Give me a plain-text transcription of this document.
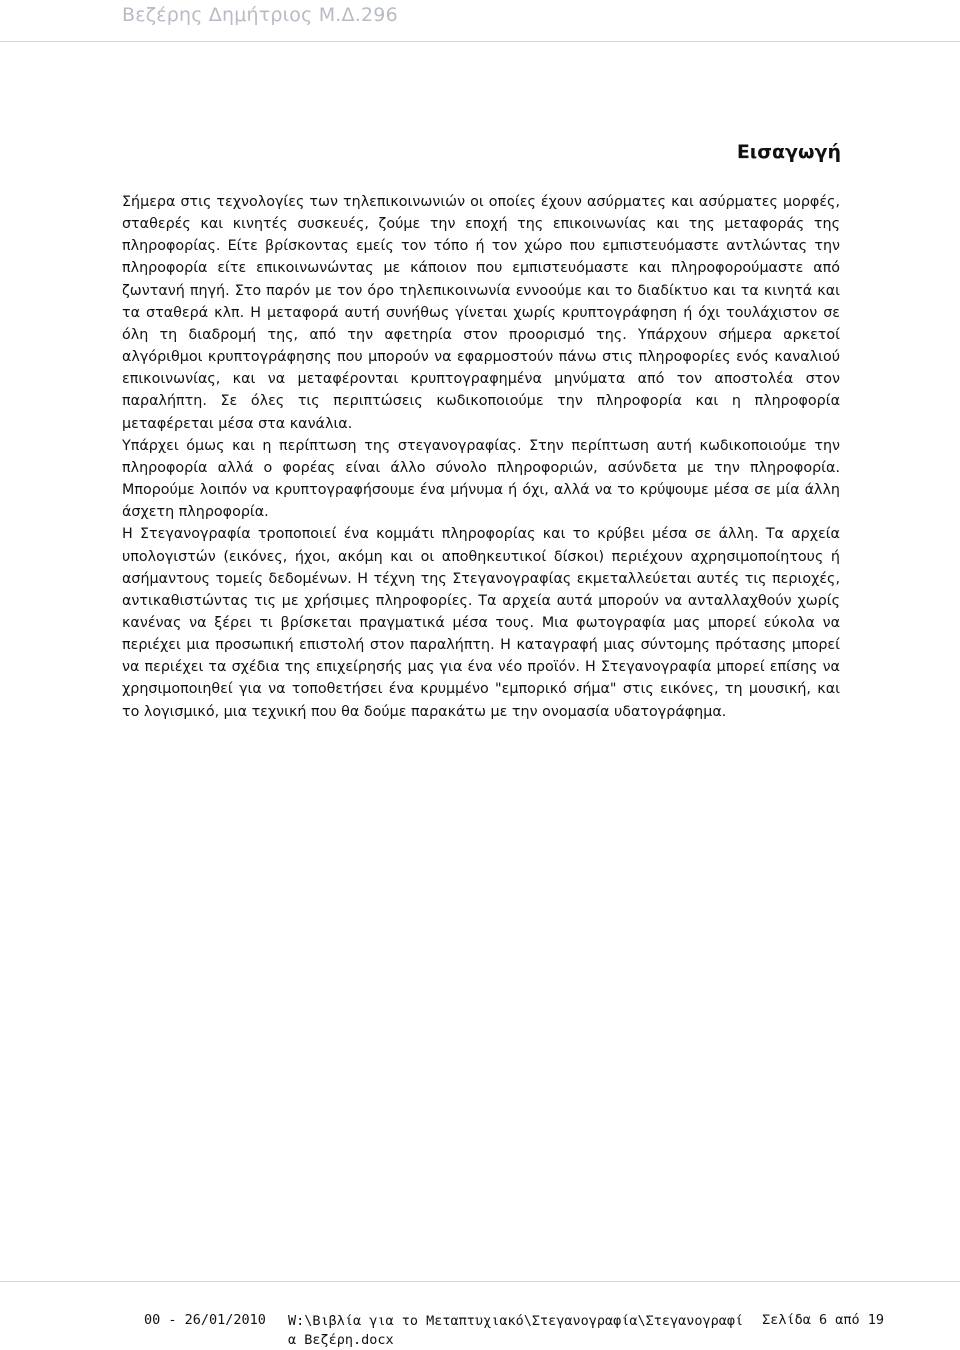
Βεζέρης Δημήτριος Μ.Δ.296
Εισαγωγή

Σήμερα στις τεχνολογίες των τηλεπικοινωνιών οι οποίες έχουν ασύρματες και ασύρματες μορφές, σταθερές και κινητές συσκευές, ζούμε την εποχή της επικοινωνίας και της μεταφοράς της πληροφορίας. Είτε βρίσκοντας εμείς τον τόπο ή τον χώρο που εμπιστευόμαστε αντλώντας την πληροφορία είτε επικοινωνώντας με κάποιον που εμπιστευόμαστε και πληροφορούμαστε από ζωντανή πηγή. Στο παρόν με τον όρο τηλεπικοινωνία εννοούμε και το διαδίκτυο και τα κινητά και τα σταθερά κλπ. Η μεταφορά αυτή συνήθως γίνεται χωρίς κρυπτογράφηση ή όχι τουλάχιστον σε όλη τη διαδρομή της, από την αφετηρία στον προορισμό της. Υπάρχουν σήμερα αρκετοί αλγόριθμοι κρυπτογράφησης που μπορούν να εφαρμοστούν πάνω στις πληροφορίες ενός καναλιού επικοινωνίας, και να μεταφέρονται κρυπτογραφημένα μηνύματα από τον αποστολέα στον παραλήπτη. Σε όλες τις περιπτώσεις κωδικοποιούμε την πληροφορία και η πληροφορία μεταφέρεται μέσα στα κανάλια.

Υπάρχει όμως και η περίπτωση της στεγανογραφίας. Στην περίπτωση αυτή κωδικοποιούμε την πληροφορία αλλά ο φορέας είναι άλλο σύνολο πληροφοριών, ασύνδετα με την πληροφορία. Μπορούμε λοιπόν να κρυπτογραφήσουμε ένα μήνυμα ή όχι, αλλά να το κρύψουμε μέσα σε μία άλλη άσχετη πληροφορία.

Η Στεγανογραφία τροποποιεί ένα κομμάτι πληροφορίας και το κρύβει μέσα σε άλλη. Τα αρχεία υπολογιστών (εικόνες, ήχοι, ακόμη και οι αποθηκευτικοί δίσκοι) περιέχουν αχρησιμοποίητους ή ασήμαντους τομείς δεδομένων. Η τέχνη της Στεγανογραφίας εκμεταλλεύεται αυτές τις περιοχές, αντικαθιστώντας τις με χρήσιμες πληροφορίες. Τα αρχεία αυτά μπορούν να ανταλλαχθούν χωρίς κανένας να ξέρει τι βρίσκεται πραγματικά μέσα τους. Μια φωτογραφία μας μπορεί εύκολα να περιέχει μια προσωπική επιστολή στον παραλήπτη. Η καταγραφή μιας σύντομης πρότασης μπορεί να περιέχει τα σχέδια της επιχείρησής μας για ένα νέο προϊόν. Η Στεγανογραφία μπορεί επίσης να χρησιμοποιηθεί για να τοποθετήσει ένα κρυμμένο "εμπορικό σήμα" στις εικόνες, τη μουσική, και το λογισμικό, μια τεχνική που θα δούμε παρακάτω με την ονομασία υδατογράφημα.

00 - 26/01/2010 W:\Βιβλία για το Μεταπτυχιακό\Στεγανογραφία\Στεγανογραφία Βεζέρη.docx
Σελίδα 6 από 19
